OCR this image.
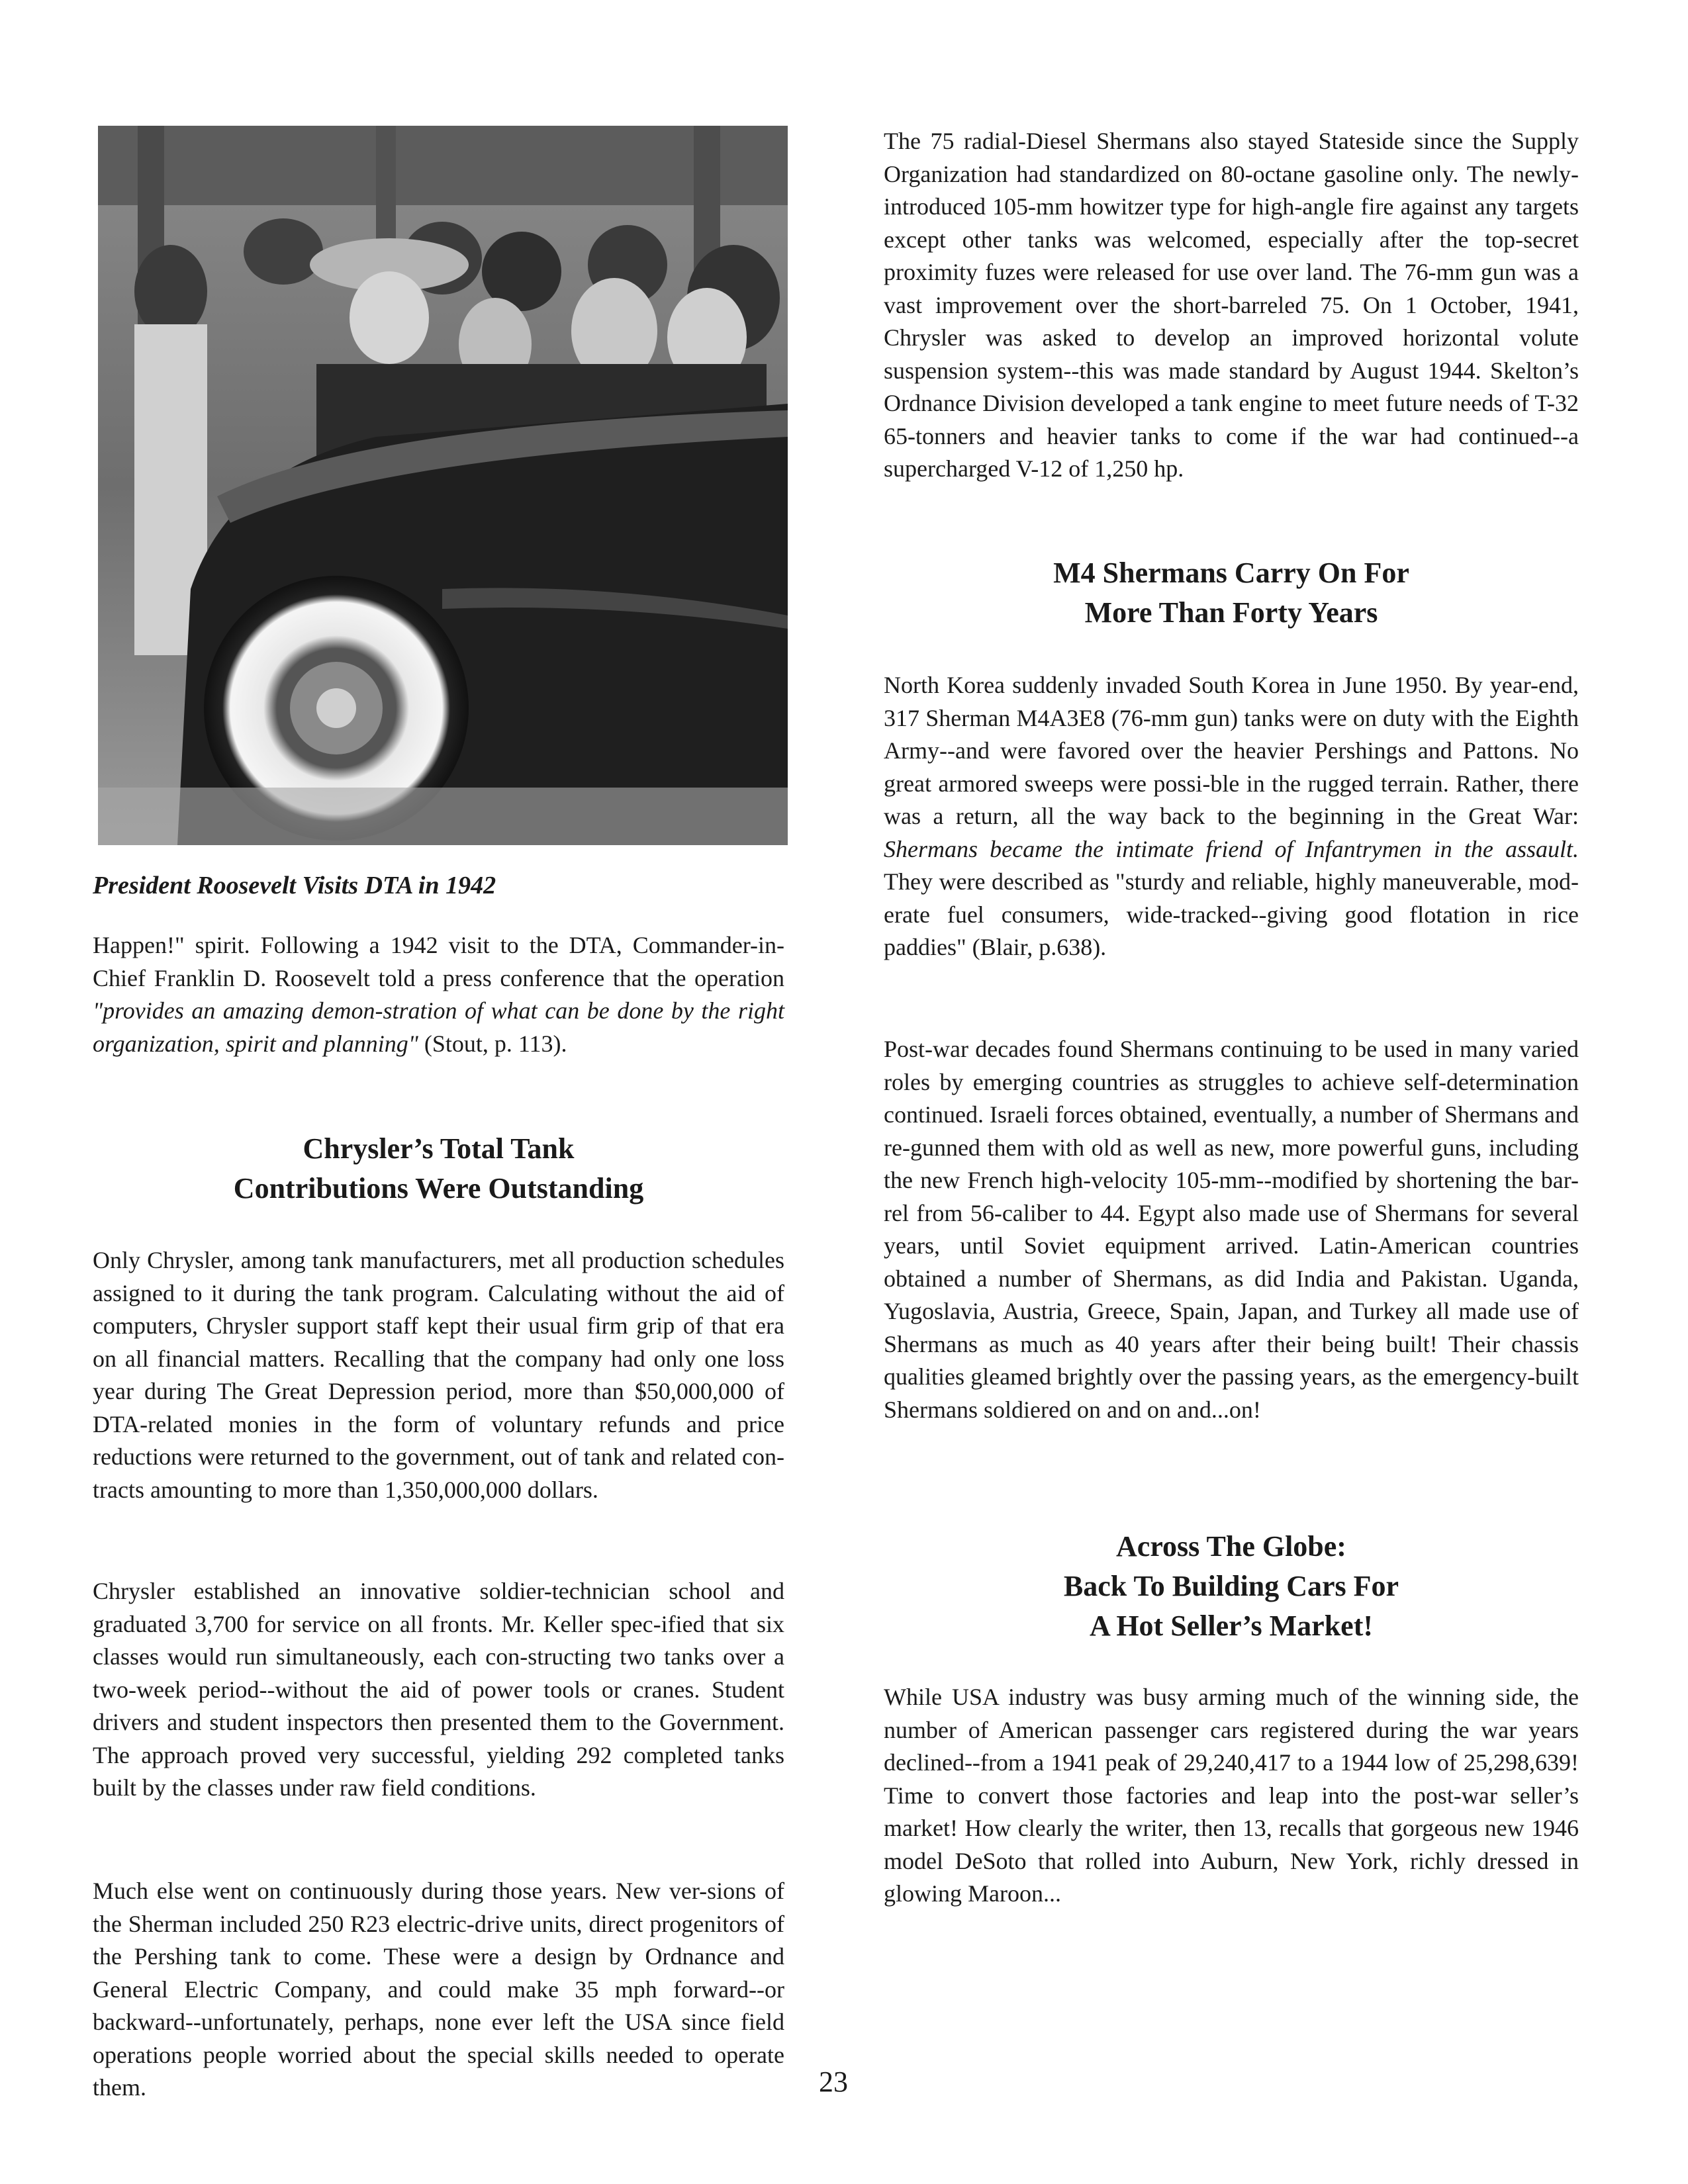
President Roosevelt Visits DTA in 1942

Happen!" spirit. Following a 1942 visit to the DTA, Commander-in-Chief Franklin D. Roosevelt told a press conference that the operation "provides an amazing demon-stration of what can be done by the right organization, spirit and planning" (Stout, p. 113).

Chrysler’s Total Tank
Contributions Were Outstanding

Only Chrysler, among tank manufacturers, met all production schedules assigned to it during the tank program. Calculating without the aid of computers, Chrysler support staff kept their usual firm grip of that era on all financial matters. Recalling that the company had only one loss year during The Great Depression period, more than $50,000,000 of DTA-related monies in the form of voluntary refunds and price reductions were returned to the government, out of tank and related con-tracts amounting to more than 1,350,000,000 dollars.

Chrysler established an innovative soldier-technician school and graduated 3,700 for service on all fronts. Mr. Keller spec-ified that six classes would run simultaneously, each con-structing two tanks over a two-week period--without the aid of power tools or cranes. Student drivers and student inspectors then presented them to the Government. The approach proved very successful, yielding 292 completed tanks built by the classes under raw field conditions.

Much else went on continuously during those years. New ver-sions of the Sherman included 250 R23 electric-drive units, direct progenitors of the Pershing tank to come. These were a design by Ordnance and General Electric Company, and could make 35 mph forward--or backward--unfortunately, perhaps, none ever left the USA since field operations people worried about the special skills needed to operate them.

The 75 radial-Diesel Shermans also stayed Stateside since the Supply Organization had standardized on 80-octane gasoline only. The newly-introduced 105-mm howitzer type for high-angle fire against any targets except other tanks was welcomed, especially after the top-secret proximity fuzes were released for use over land. The 76-mm gun was a vast improvement over the short-barreled 75. On 1 October, 1941, Chrysler was asked to develop an improved horizontal volute suspension system--this was made standard by August 1944. Skelton’s Ordnance Division developed a tank engine to meet future needs of T-32 65-tonners and heavier tanks to come if the war had continued--a supercharged V-12 of 1,250 hp.

M4 Shermans Carry On For
More Than Forty Years

North Korea suddenly invaded South Korea in June 1950. By year-end, 317 Sherman M4A3E8 (76-mm gun) tanks were on duty with the Eighth Army--and were favored over the heavier Pershings and Pattons. No great armored sweeps were possi-ble in the rugged terrain. Rather, there was a return, all the way back to the beginning in the Great War: Shermans became the intimate friend of Infantrymen in the assault. They were described as "sturdy and reliable, highly maneuverable, mod-erate fuel consumers, wide-tracked--giving good flotation in rice paddies" (Blair, p.638).

Post-war decades found Shermans continuing to be used in many varied roles by emerging countries as struggles to achieve self-determination continued. Israeli forces obtained, eventually, a number of Shermans and re-gunned them with old as well as new, more powerful guns, including the new French high-velocity 105-mm--modified by shortening the bar-rel from 56-caliber to 44. Egypt also made use of Shermans for several years, until Soviet equipment arrived. Latin-American countries obtained a number of Shermans, as did India and Pakistan. Uganda, Yugoslavia, Austria, Greece, Spain, Japan, and Turkey all made use of Shermans as much as 40 years after their being built! Their chassis qualities gleamed brightly over the passing years, as the emergency-built Shermans soldiered on and on and...on!

Across The Globe:
Back To Building Cars For
A Hot Seller’s Market!

While USA industry was busy arming much of the winning side, the number of American passenger cars registered during the war years declined--from a 1941 peak of 29,240,417 to a 1944 low of 25,298,639! Time to convert those factories and leap into the post-war seller’s market! How clearly the writer, then 13, recalls that gorgeous new 1946 model DeSoto that rolled into Auburn, New York, richly dressed in glowing Maroon...

23
